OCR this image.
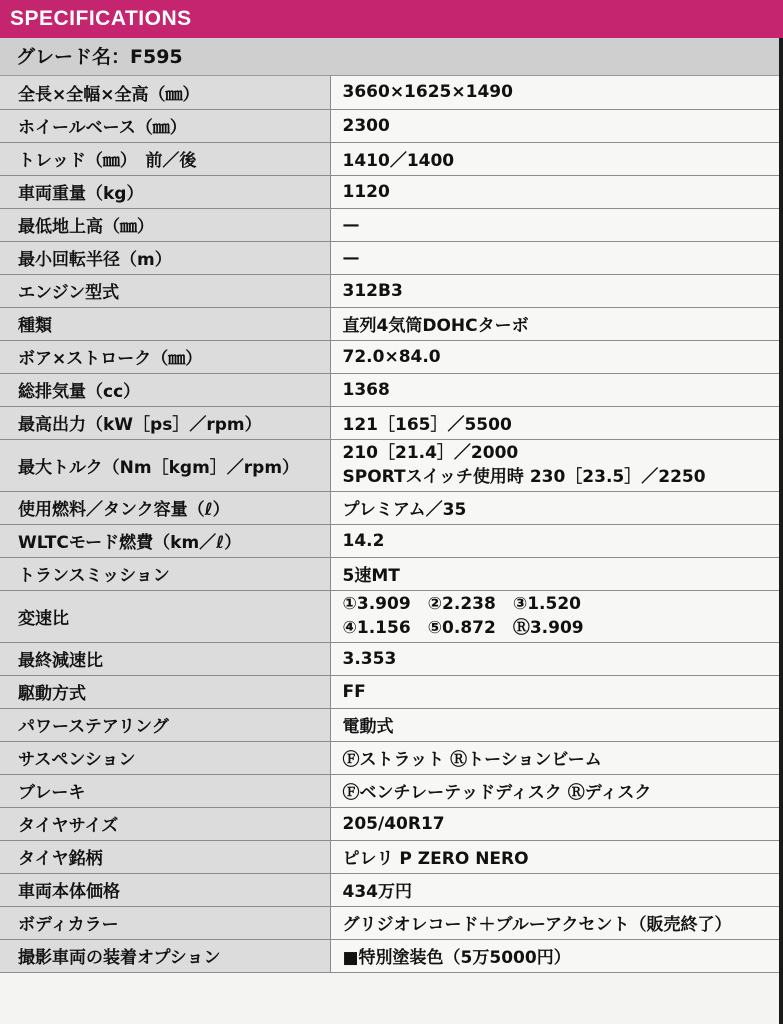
SPECIFICATIONS
グレード名：F595
全長×全幅×全高（㎜）	3660×1625×1490
ホイールベース（㎜）	2300
トレッド（㎜）　前／後	1410／1400
車両重量（kg）	1120
最低地上高（㎜）	—
最小回転半径（m）	—
エンジン型式	312B3
種類	直列4気筒DOHCターボ
ボア×ストローク（㎜）	72.0×84.0
総排気量（cc）	1368
最高出力（kW［ps］／rpm）	121［165］／5500
最大トルク（Nm［kgm］／rpm）	210［21.4］／2000
SPORTスイッチ使用時 230［23.5］／2250

使用燃料／タンク容量（ℓ）	プレミアム／35
WLTCモード燃費（km／ℓ）	14.2
トランスミッション	5速MT
変速比	①3.909　②2.238　③1.520
④1.156　⑤0.872　Ⓡ3.909

最終減速比	3.353
駆動方式	FF
パワーステアリング	電動式
サスペンション	Ⓕストラット Ⓡトーションビーム
ブレーキ	Ⓕベンチレーテッドディスク Ⓡディスク
タイヤサイズ	205/40R17
タイヤ銘柄	ピレリ P ZERO NERO
車両本体価格	434万円
ボディカラー	グリジオレコード＋ブルーアクセント（販売終了）
撮影車両の装着オプション	■特別塗装色（5万5000円）
